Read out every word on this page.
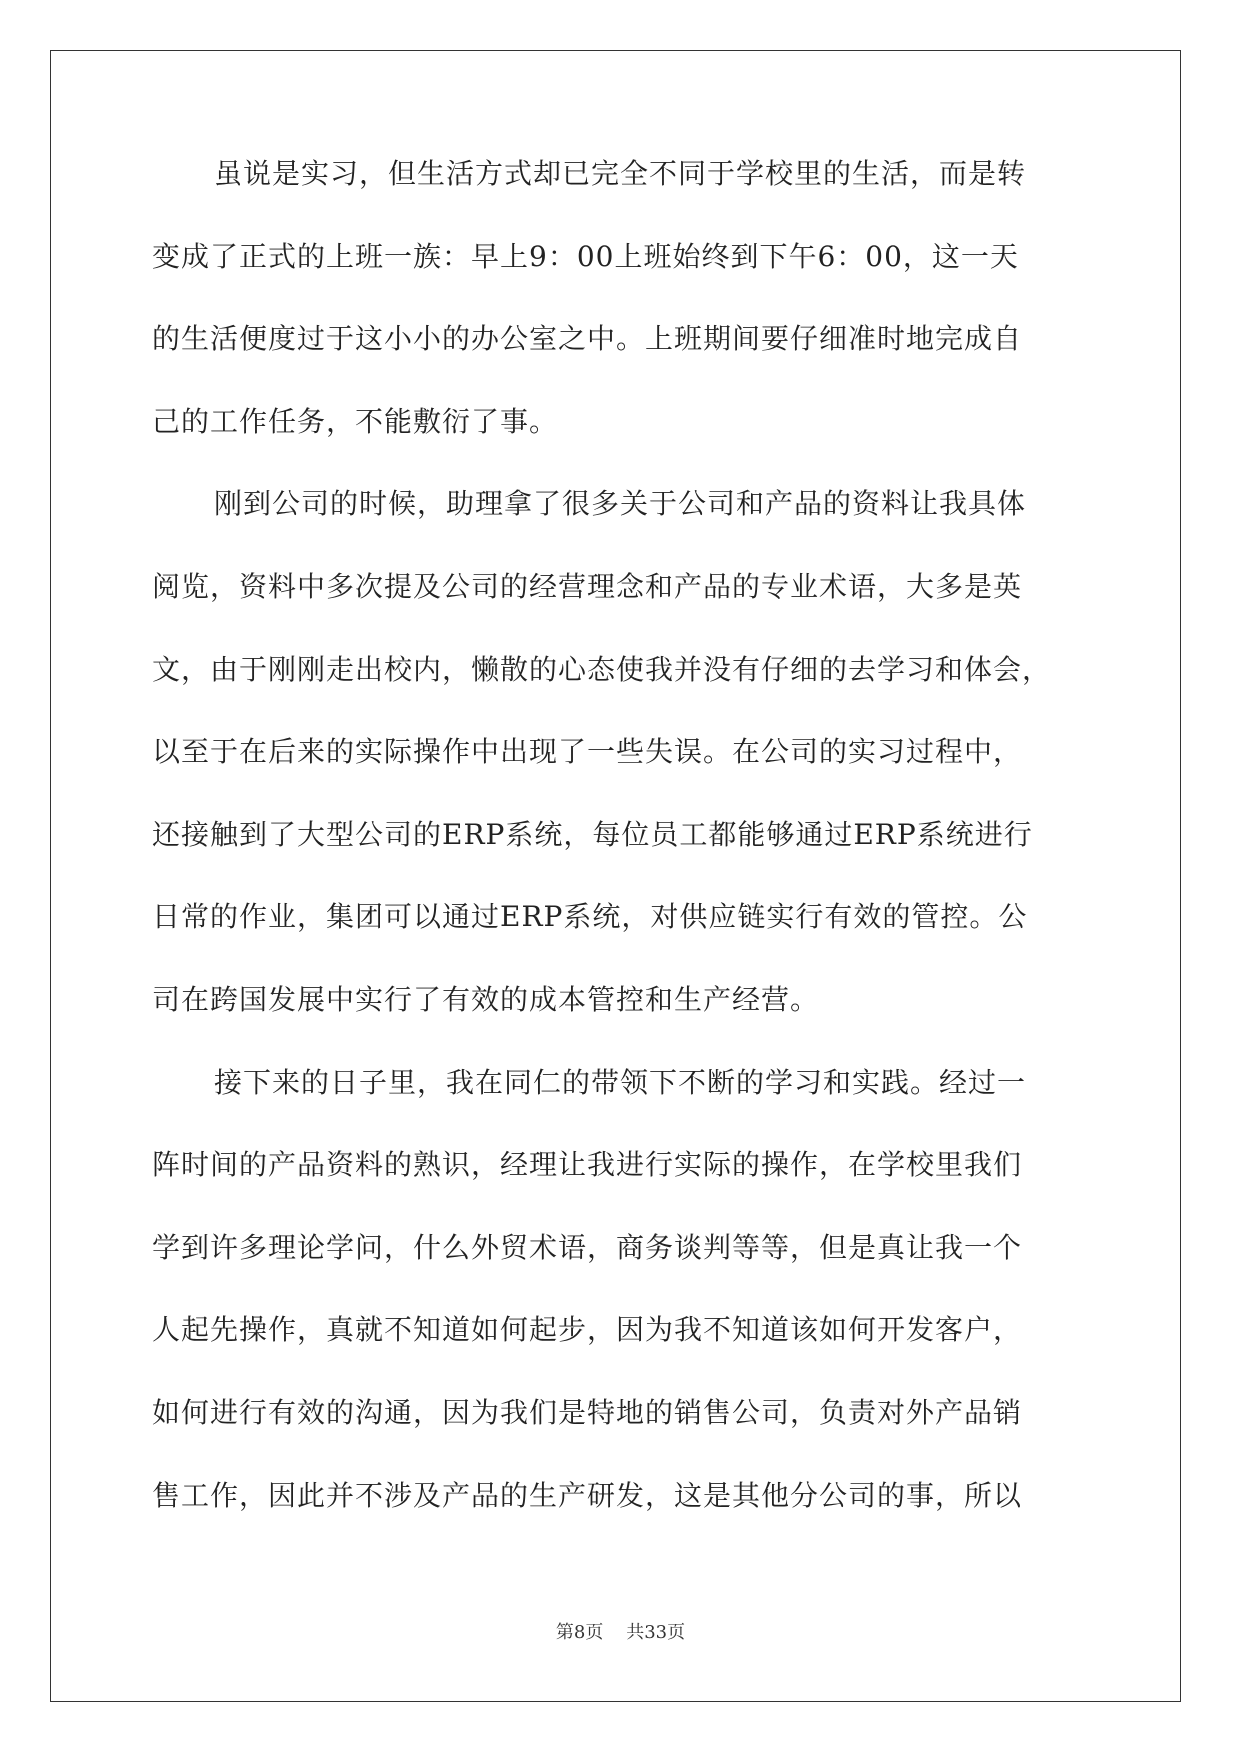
虽说是实习，但生活方式却已完全不同于学校里的生活，而是转
变成了正式的上班一族：早上9：00上班始终到下午6：00，这一天
的生活便度过于这小小的办公室之中。上班期间要仔细准时地完成自
己的工作任务，不能敷衍了事。
刚到公司的时候，助理拿了很多关于公司和产品的资料让我具体
阅览，资料中多次提及公司的经营理念和产品的专业术语，大多是英
文，由于刚刚走出校内，懒散的心态使我并没有仔细的去学习和体会，
以至于在后来的实际操作中出现了一些失误。在公司的实习过程中，
还接触到了大型公司的ERP系统，每位员工都能够通过ERP系统进行
日常的作业，集团可以通过ERP系统，对供应链实行有效的管控。公
司在跨国发展中实行了有效的成本管控和生产经营。
接下来的日子里，我在同仁的带领下不断的学习和实践。经过一
阵时间的产品资料的熟识，经理让我进行实际的操作，在学校里我们
学到许多理论学问，什么外贸术语，商务谈判等等，但是真让我一个
人起先操作，真就不知道如何起步，因为我不知道该如何开发客户，
如何进行有效的沟通，因为我们是特地的销售公司，负责对外产品销
售工作，因此并不涉及产品的生产研发，这是其他分公司的事，所以
第8页 共33页
